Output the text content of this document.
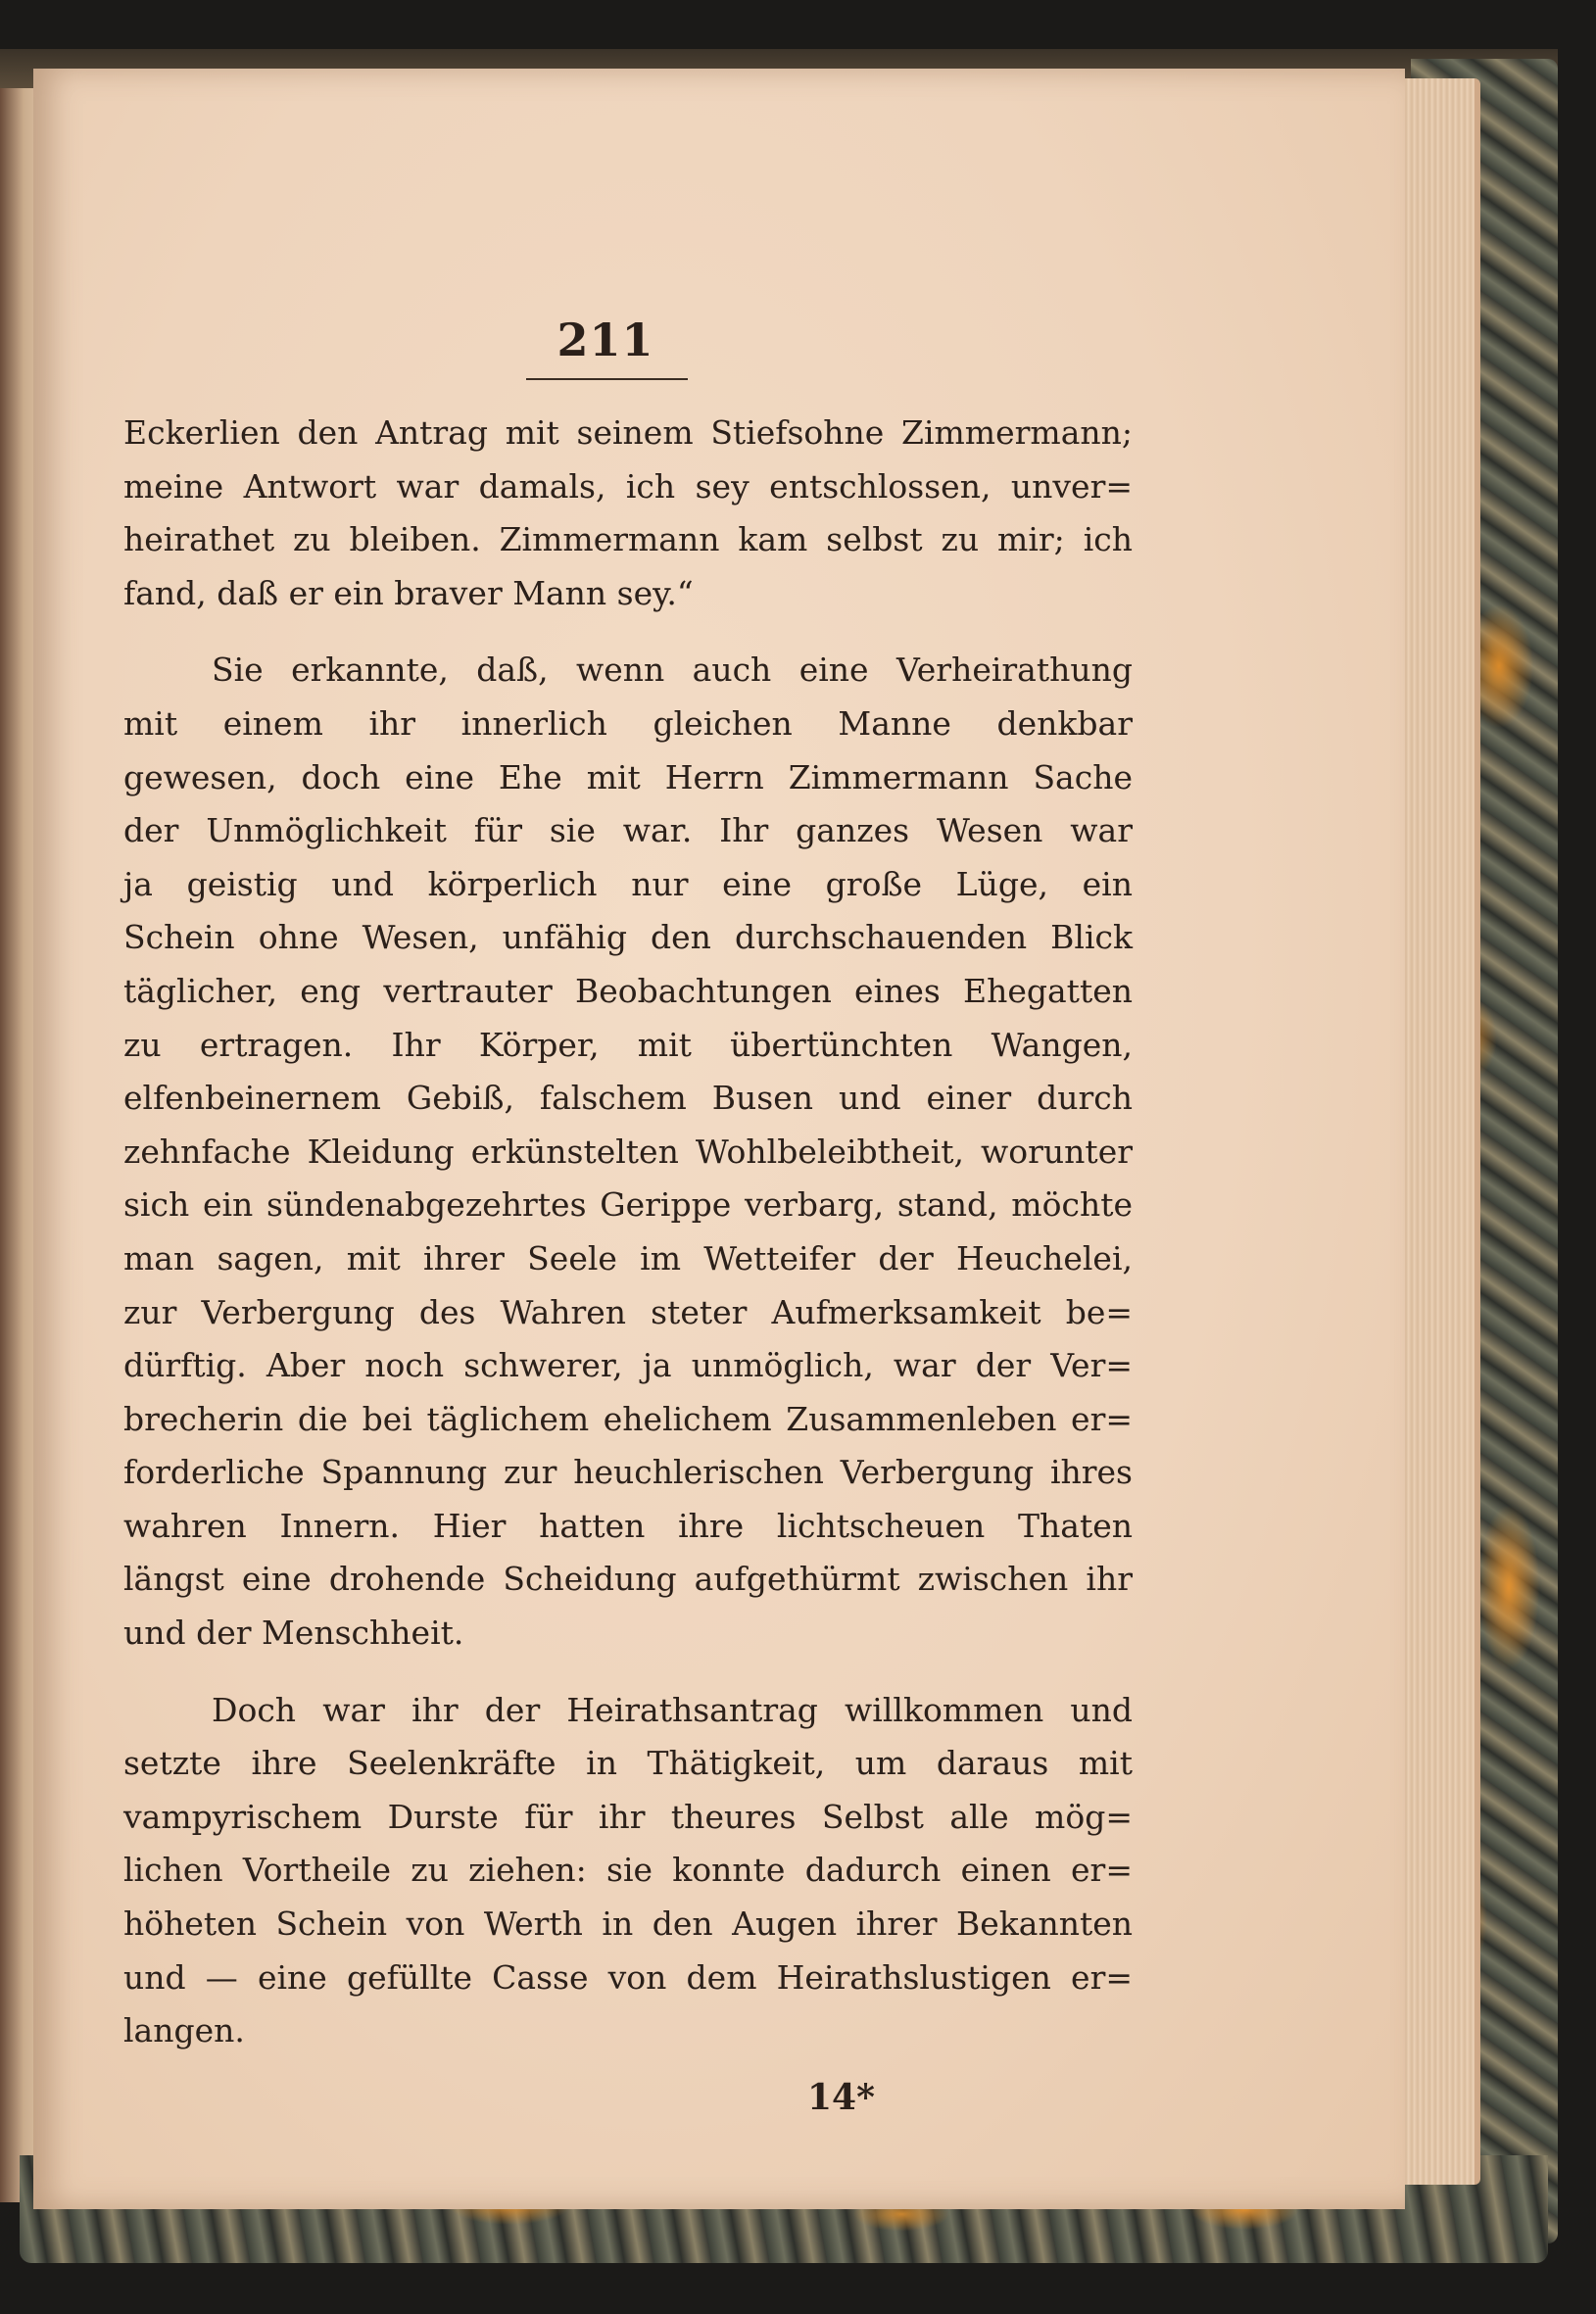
211
Eckerlien den Antrag mit seinem Stiefsohne Zimmermann;
meine Antwort war damals, ich sey entschlossen, unver=
heirathet zu bleiben. Zimmermann kam selbst zu mir; ich
fand, daß er ein braver Mann sey.“
Sie erkannte, daß, wenn auch eine Verheirathung
mit einem ihr innerlich gleichen Manne denkbar
gewesen, doch eine Ehe mit Herrn Zimmermann Sache
der Unmöglichkeit für sie war. Ihr ganzes Wesen war
ja geistig und körperlich nur eine große Lüge, ein
Schein ohne Wesen, unfähig den durchschauenden Blick
täglicher, eng vertrauter Beobachtungen eines Ehegatten
zu ertragen. Ihr Körper, mit übertünchten Wangen,
elfenbeinernem Gebiß, falschem Busen und einer durch
zehnfache Kleidung erkünstelten Wohlbeleibtheit, worunter
sich ein sündenabgezehrtes Gerippe verbarg, stand, möchte
man sagen, mit ihrer Seele im Wetteifer der Heuchelei,
zur Verbergung des Wahren steter Aufmerksamkeit be=
dürftig. Aber noch schwerer, ja unmöglich, war der Ver=
brecherin die bei täglichem ehelichem Zusammenleben er=
forderliche Spannung zur heuchlerischen Verbergung ihres
wahren Innern. Hier hatten ihre lichtscheuen Thaten
längst eine drohende Scheidung aufgethürmt zwischen ihr
und der Menschheit.
Doch war ihr der Heirathsantrag willkommen und
setzte ihre Seelenkräfte in Thätigkeit, um daraus mit
vampyrischem Durste für ihr theures Selbst alle mög=
lichen Vortheile zu ziehen: sie konnte dadurch einen er=
höheten Schein von Werth in den Augen ihrer Bekannten
und — eine gefüllte Casse von dem Heirathslustigen er=
langen.
14*
